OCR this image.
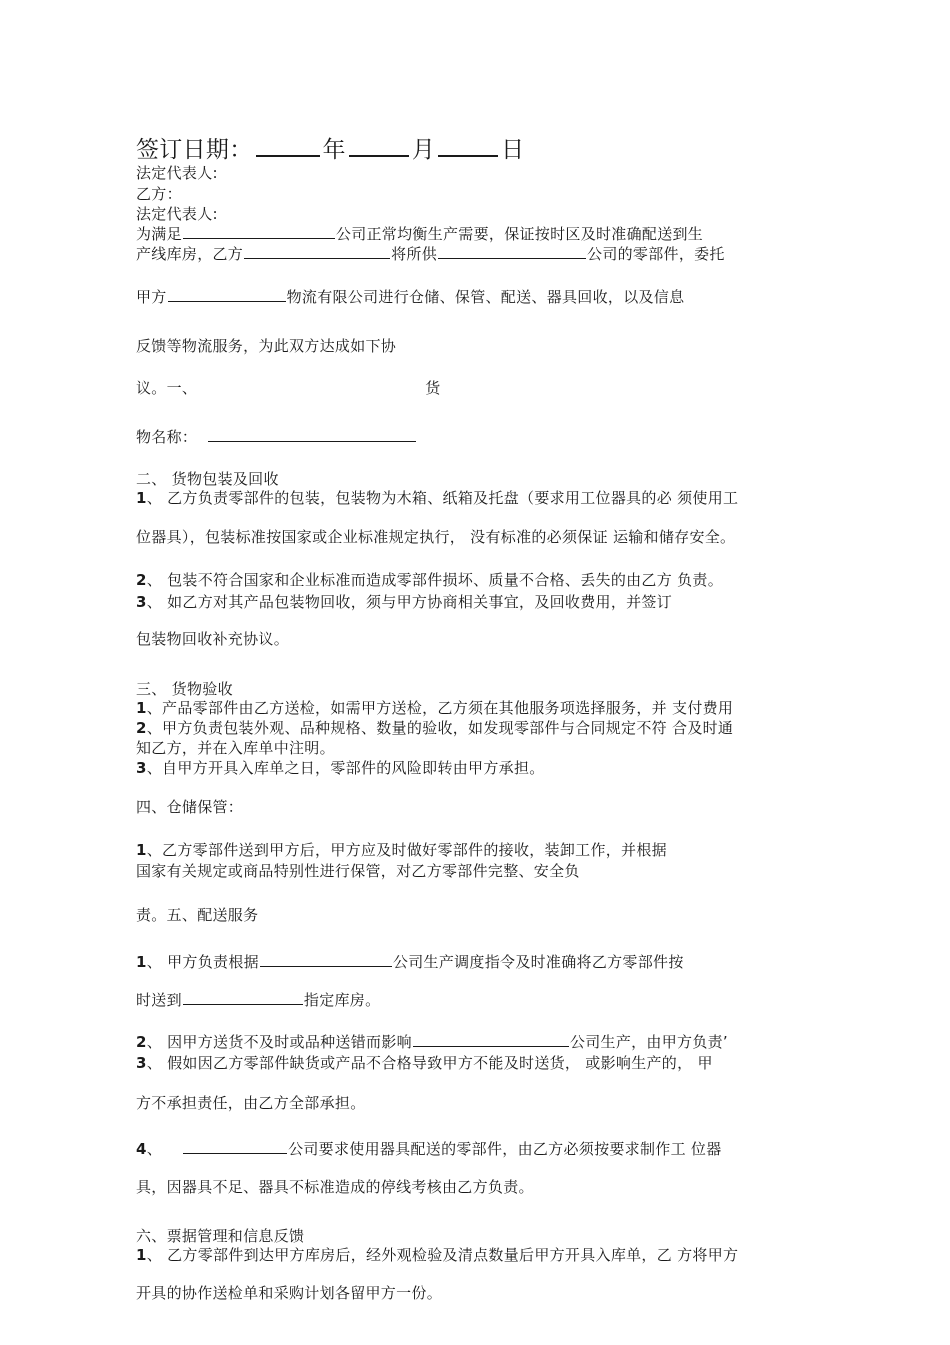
签订日期：	年	月	日
法定代表人:
乙方：
法定代表人:
为满足	公司正常均衡生产需要，保证按时区及时准确配送到生
产线库房，乙方	将所供	公司的零部件，委托
甲方	物流有限公司进行仓储、保管、配送、器具回收，以及信息
反馈等物流服务，为此双方达成如下协
议。一、	货
物名称：
二、 货物包装及回收
1、 乙方负责零部件的包装，包装物为木箱、纸箱及托盘（要求用工位器具的必 须使用工
位器具），包装标准按国家或企业标准规定执行， 没有标准的必须保证 运输和储存安全。
2、 包装不符合国家和企业标准而造成零部件损坏、质量不合格、丢失的由乙方 负责。
3、 如乙方对其产品包装物回收，须与甲方协商相关事宜，及回收费用，并签订
包装物回收补充协议。
三、 货物验收
1、产品零部件由乙方送检，如需甲方送检，乙方须在其他服务项选择服务，并 支付费用
2、甲方负责包装外观、品种规格、数量的验收，如发现零部件与合同规定不符 合及时通
知乙方，并在入库单中注明。
3、自甲方开具入库单之日，零部件的风险即转由甲方承担。
四、仓储保管：
1、乙方零部件送到甲方后，甲方应及时做好零部件的接收，装卸工作，并根据
国家有关规定或商品特别性进行保管，对乙方零部件完整、安全负
责。五、配送服务
1、 甲方负责根据	公司生产调度指令及时准确将乙方零部件按
时送到	指定库房。
2、 因甲方送货不及时或品种送错而影响	公司生产，由甲方负责’
3、 假如因乙方零部件缺货或产品不合格导致甲方不能及时送货， 或影响生产的， 甲
方不承担责任，由乙方全部承担。
4、	公司要求使用器具配送的零部件，由乙方必须按要求制作工 位器
具，因器具不足、器具不标准造成的停线考核由乙方负责。
六、票据管理和信息反馈
1、 乙方零部件到达甲方库房后，经外观检验及清点数量后甲方开具入库单，乙 方将甲方
开具的协作送检单和采购计划各留甲方一份。
